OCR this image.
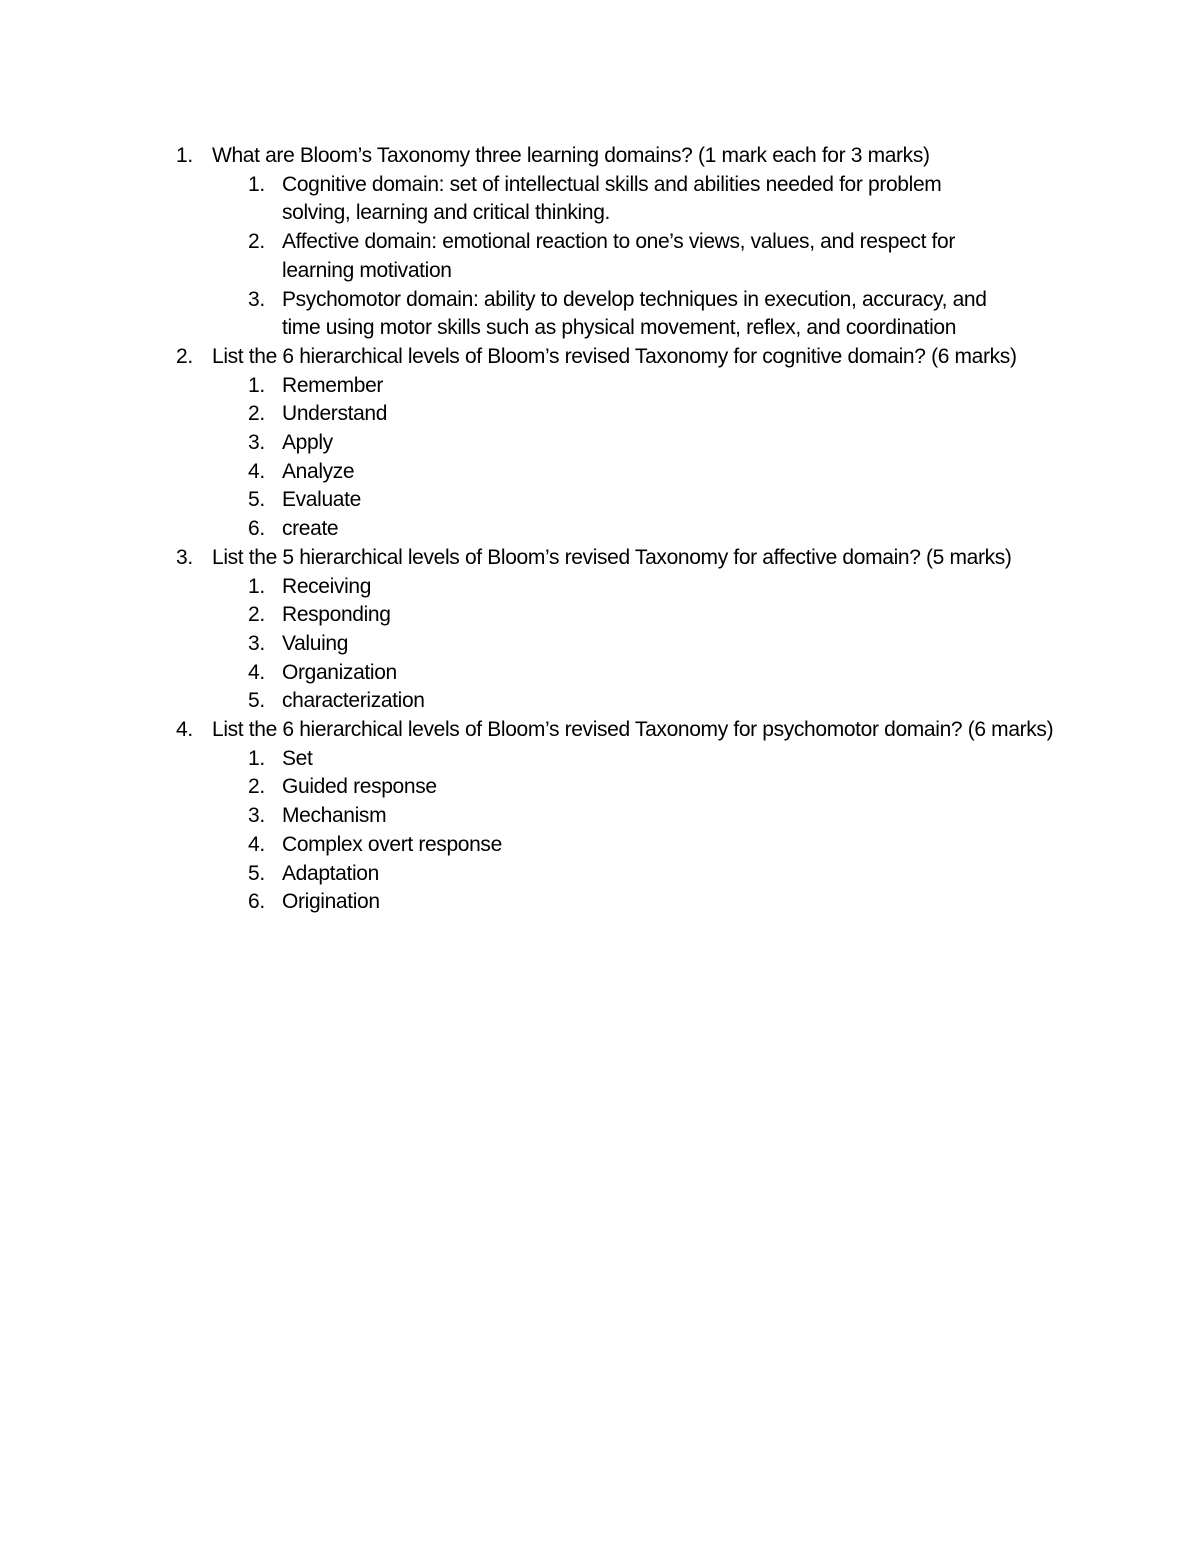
1. What are Bloom’s Taxonomy three learning domains? (1 mark each for 3 marks)
1. Cognitive domain: set of intellectual skills and abilities needed for problem solving, learning and critical thinking.
2. Affective domain: emotional reaction to one’s views, values, and respect for learning motivation
3. Psychomotor domain: ability to develop techniques in execution, accuracy, and time using motor skills such as physical movement, reflex, and coordination
2. List the 6 hierarchical levels of Bloom’s revised Taxonomy for cognitive domain? (6 marks)
1. Remember
2. Understand
3. Apply
4. Analyze
5. Evaluate
6. create
3. List the 5 hierarchical levels of Bloom’s revised Taxonomy for affective domain? (5 marks)
1. Receiving
2. Responding
3. Valuing
4. Organization
5. characterization
4. List the 6 hierarchical levels of Bloom’s revised Taxonomy for psychomotor domain? (6 marks)
1. Set
2. Guided response
3. Mechanism
4. Complex overt response
5. Adaptation
6. Origination
